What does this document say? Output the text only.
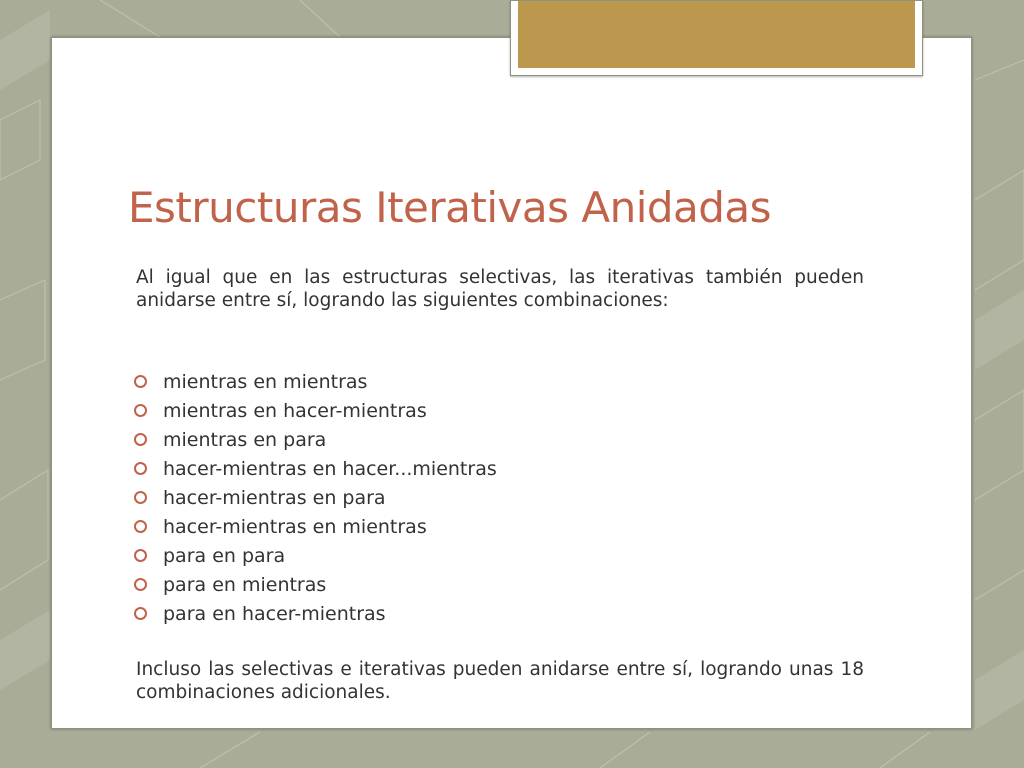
Estructuras Iterativas Anidadas

Al igual que en las estructuras selectivas, las iterativas también pueden anidarse entre sí, logrando las siguientes combinaciones:

mientras en mientras
mientras en hacer-mientras
mientras en para
hacer-mientras en hacer...mientras
hacer-mientras en para
hacer-mientras en mientras
para en para
para en mientras
para en hacer-mientras

Incluso las selectivas e iterativas pueden anidarse entre sí, logrando unas 18 combinaciones adicionales.
